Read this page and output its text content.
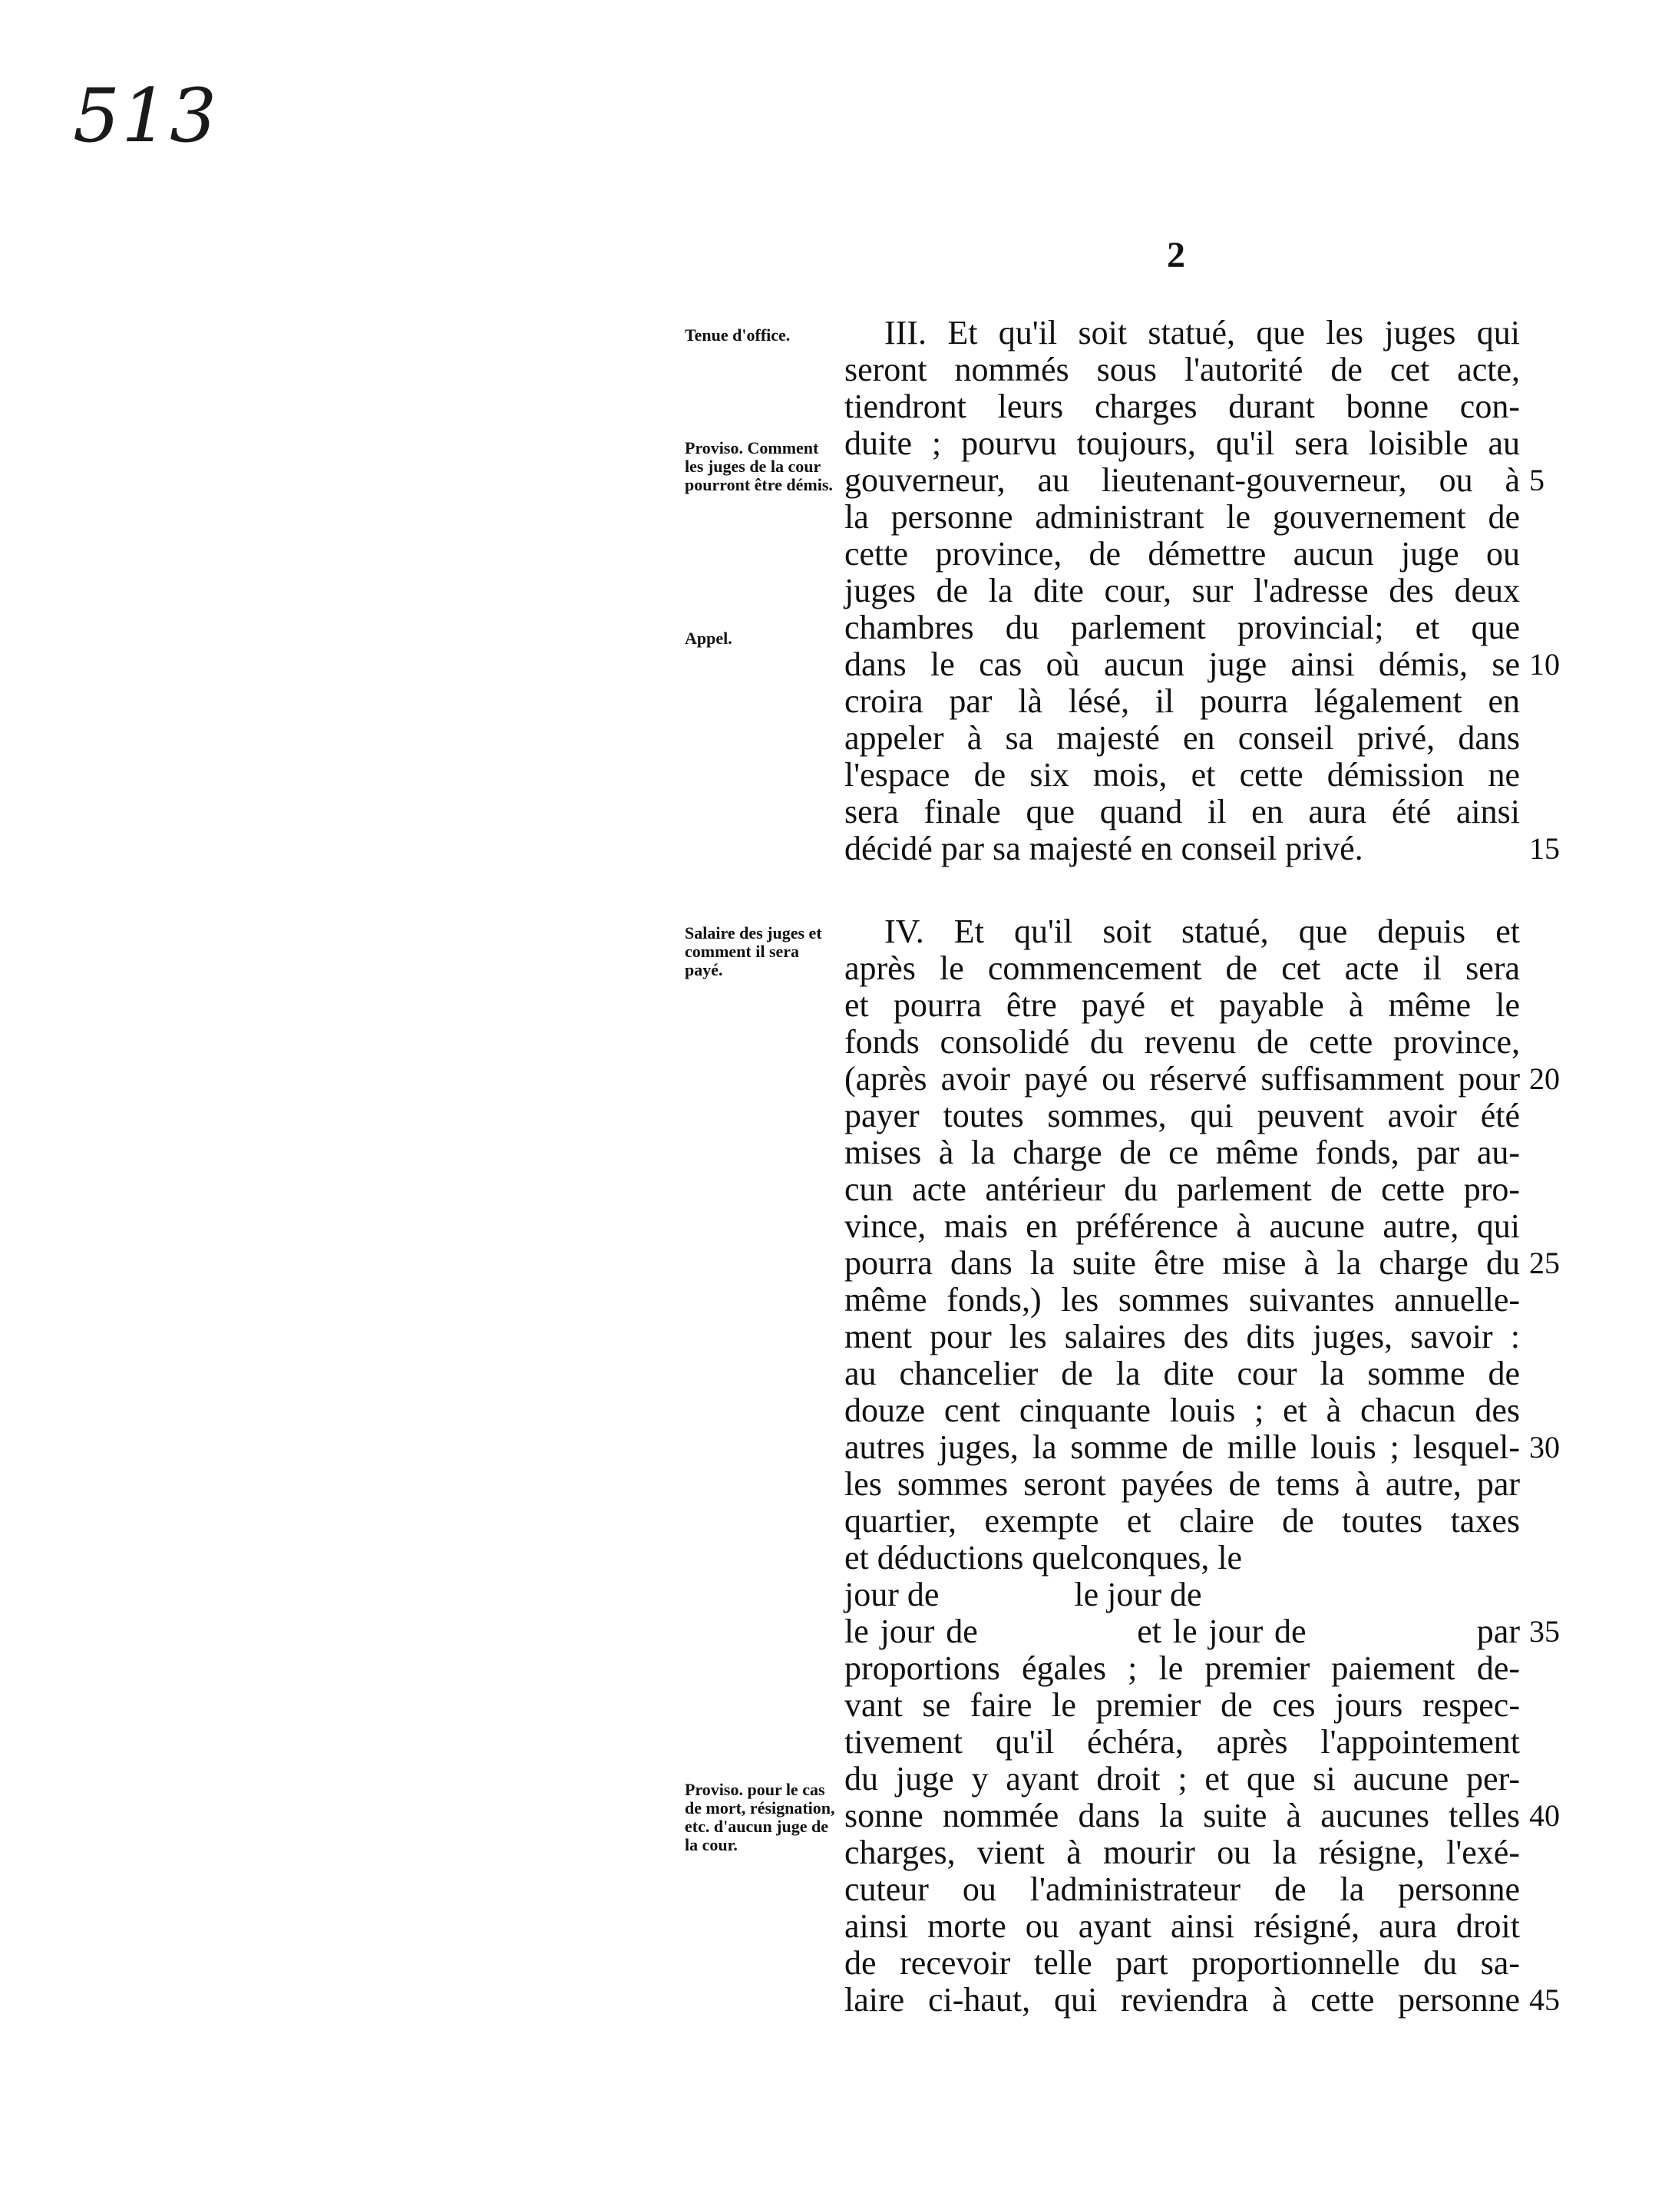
513
2
Tenue d'office.
Proviso. Comment les juges de la cour pourront être démis.
Appel.
Salaire des juges et comment il sera payé.
Proviso. pour le cas de mort, résignation, etc. d'aucun juge de la cour.
III. Et qu'il soit statué, que les juges qui
seront nommés sous l'autorité de cet acte,
tiendront leurs charges durant bonne con-
duite ; pourvu toujours, qu'il sera loisible au
gouverneur, au lieutenant-gouverneur, ou à
la personne administrant le gouvernement de
cette province, de démettre aucun juge ou
juges de la dite cour, sur l'adresse des deux
chambres du parlement provincial; et que
dans le cas où aucun juge ainsi démis, se
croira par là lésé, il pourra légalement en
appeler à sa majesté en conseil privé, dans
l'espace de six mois, et cette démission ne
sera finale que quand il en aura été ainsi
décidé par sa majesté en conseil privé.
IV. Et qu'il soit statué, que depuis et
après le commencement de cet acte il sera
et pourra être payé et payable à même le
fonds consolidé du revenu de cette province,
(après avoir payé ou réservé suffisamment pour
payer toutes sommes, qui peuvent avoir été
mises à la charge de ce même fonds, par au-
cun acte antérieur du parlement de cette pro-
vince, mais en préférence à aucune autre, qui
pourra dans la suite être mise à la charge du
même fonds,) les sommes suivantes annuelle-
ment pour les salaires des dits juges, savoir :
au chancelier de la dite cour la somme de
douze cent cinquante louis ; et à chacun des
autres juges, la somme de mille louis ; lesquel-
les sommes seront payées de tems à autre, par
quartier, exempte et claire de toutes taxes
et déductions quelconques, le
jour de                le jour de
le jour de              et le jour de               par
proportions égales ; le premier paiement de-
vant se faire le premier de ces jours respec-
tivement qu'il échéra, après l'appointement
du juge y ayant droit ; et que si aucune per-
sonne nommée dans la suite à aucunes telles
charges, vient à mourir ou la résigne, l'exé-
cuteur ou l'administrateur de la personne
ainsi morte ou ayant ainsi résigné, aura droit
de recevoir telle part proportionnelle du sa-
laire ci-haut, qui reviendra à cette personne
5
10
15
20
25
30
35
40
45
